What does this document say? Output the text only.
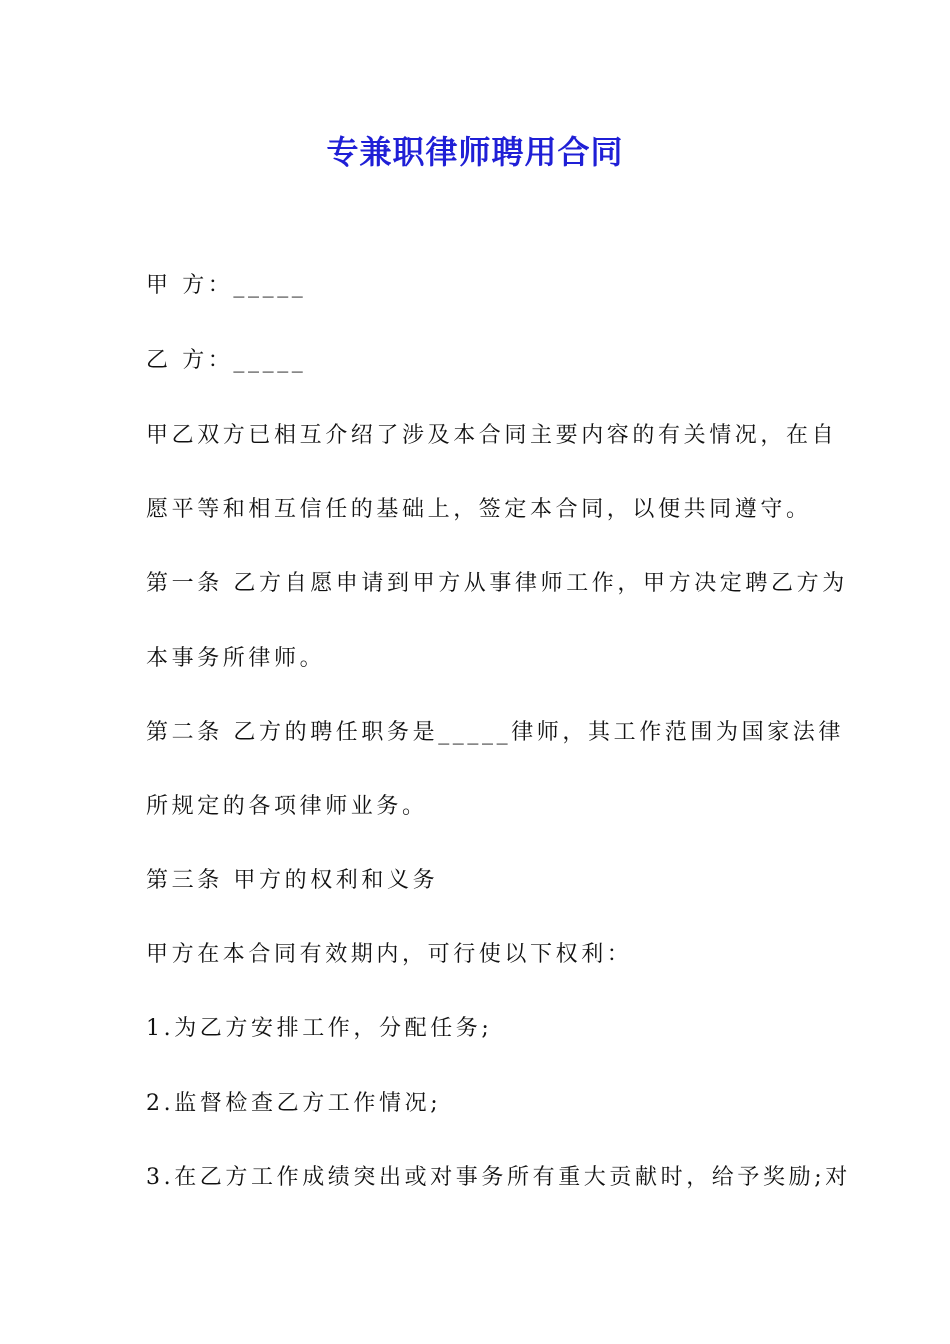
专兼职律师聘用合同
甲 方：_____
乙 方：_____
甲乙双方已相互介绍了涉及本合同主要内容的有关情况，在自
愿平等和相互信任的基础上，签定本合同，以便共同遵守。
第一条 乙方自愿申请到甲方从事律师工作，甲方决定聘乙方为
本事务所律师。
第二条 乙方的聘任职务是_____律师，其工作范围为国家法律
所规定的各项律师业务。
第三条 甲方的权利和义务
甲方在本合同有效期内，可行使以下权利：
1.为乙方安排工作，分配任务;
2.监督检查乙方工作情况;
3.在乙方工作成绩突出或对事务所有重大贡献时，给予奖励;对
